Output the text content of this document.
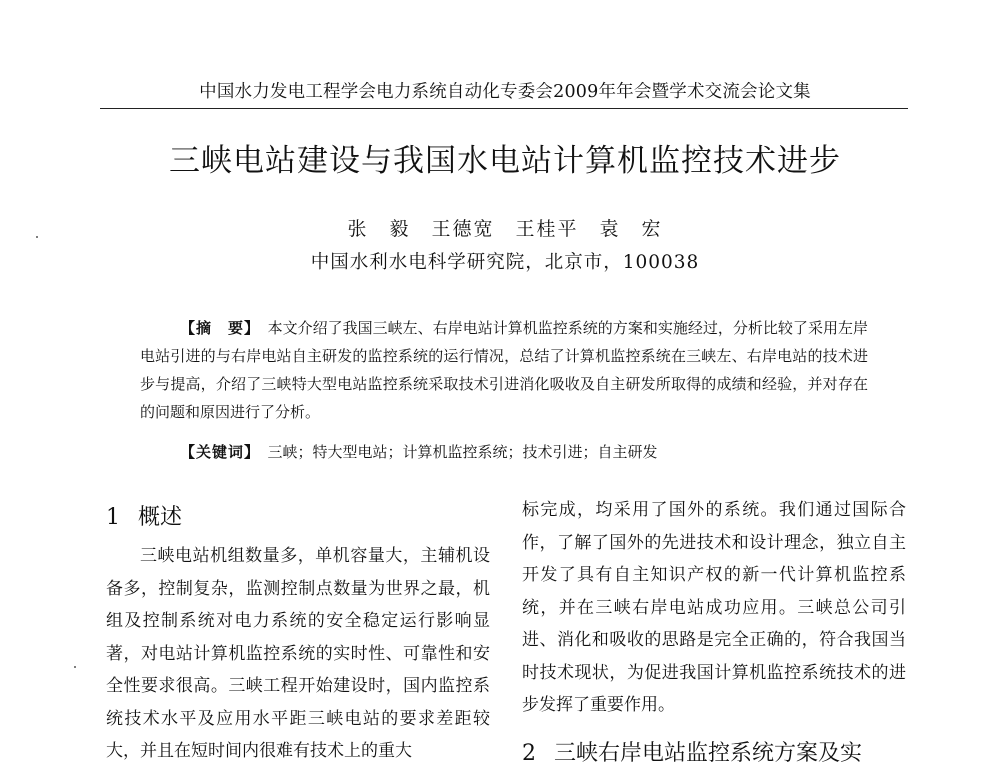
中国水力发电工程学会电力系统自动化专委会2009年年会暨学术交流会论文集
三峡电站建设与我国水电站计算机监控技术进步
张　毅　王德宽　王桂平　袁　宏
中国水利水电科学研究院，北京市，100038
【摘　要】　 本文介绍了我国三峡左、右岸电站计算机监控系统的方案和实施经过，分析比较了采用左岸电站引进的与右岸电站自主研发的监控系统的运行情况，总结了计算机监控系统在三峡左、右岸电站的技术进步与提高，介绍了三峡特大型电站监控系统采取技术引进消化吸收及自主研发所取得的成绩和经验，并对存在的问题和原因进行了分析。
【关键词】　 三峡；特大型电站；计算机监控系统；技术引进；自主研发
1 概述
三峡电站机组数量多，单机容量大，主辅机设备多，控制复杂，监测控制点数量为世界之最，机组及控制系统对电力系统的安全稳定运行影响显著，对电站计算机监控系统的实时性、可靠性和安全性要求很高。三峡工程开始建设时，国内监控系统技术水平及应用水平距三峡电站的要求差距较大，并且在短时间内很难有技术上的重大
标完成，均采用了国外的系统。我们通过国际合作，了解了国外的先进技术和设计理念，独立自主开发了具有自主知识产权的新一代计算机监控系统，并在三峡右岸电站成功应用。三峡总公司引进、消化和吸收的思路是完全正确的，符合我国当时技术现状，为促进我国计算机监控系统技术的进步发挥了重要作用。
2 三峡右岸电站监控系统方案及实
